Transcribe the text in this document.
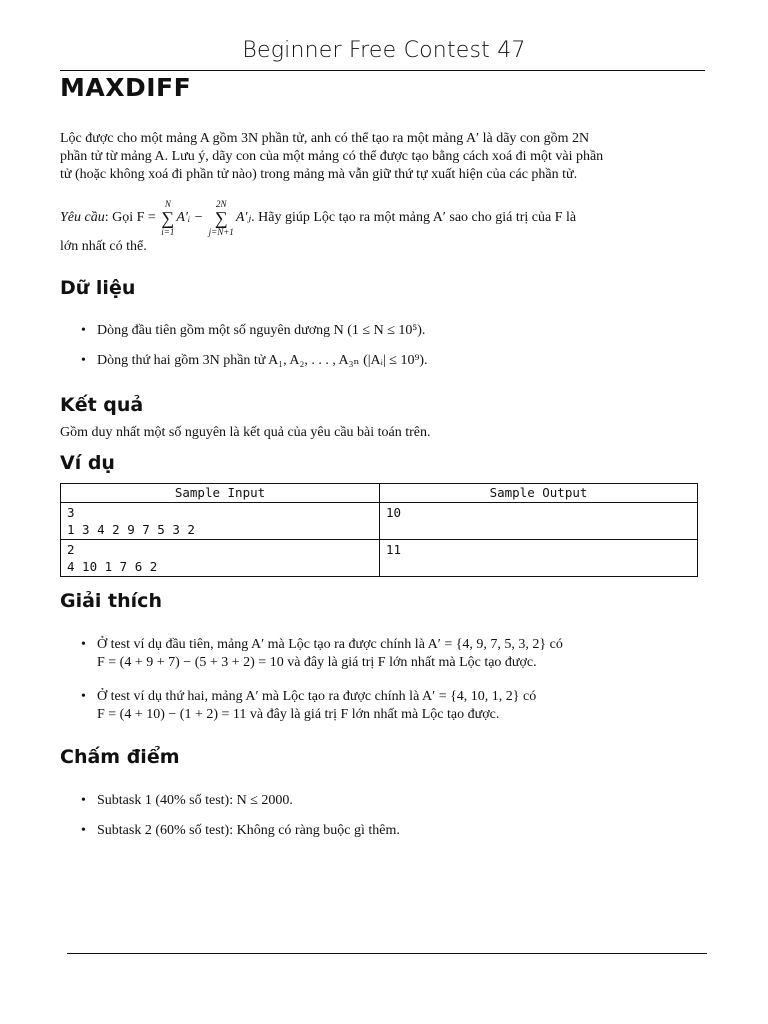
Beginner Free Contest 47
MAXDIFF
Lộc được cho một mảng A gồm 3N phần tử, anh có thể tạo ra một mảng A′ là dãy con gồm 2N
phần tử từ mảng A. Lưu ý, dãy con của một mảng có thể được tạo bằng cách xoá đi một vài phần
tử (hoặc không xoá đi phần tử nào) trong mảng mà vẫn giữ thứ tự xuất hiện của các phần tử.
Yêu cầu: Gọi F =
N
∑
i=1
A′ᵢ −
2N
∑
j=N+1
A′ⱼ. Hãy giúp Lộc tạo ra một mảng A′ sao cho giá trị của F là
lớn nhất có thể.
Dữ liệu
• Dòng đầu tiên gồm một số nguyên dương N (1 ≤ N ≤ 10⁵).
• Dòng thứ hai gồm 3N phần tử A₁, A₂, . . . , A₃ₙ (|Aᵢ| ≤ 10⁹).
Kết quả
Gồm duy nhất một số nguyên là kết quả của yêu cầu bài toán trên.
Ví dụ
Sample Input	Sample Output
3
1 3 4 2 9 7 5 3 2	10
2
4 10 1 7 6 2	11
Giải thích
• Ở test ví dụ đầu tiên, mảng A′ mà Lộc tạo ra được chính là A′ = {4, 9, 7, 5, 3, 2} có
F = (4 + 9 + 7) − (5 + 3 + 2) = 10 và đây là giá trị F lớn nhất mà Lộc tạo được.
• Ở test ví dụ thứ hai, mảng A′ mà Lộc tạo ra được chính là A′ = {4, 10, 1, 2} có
F = (4 + 10) − (1 + 2) = 11 và đây là giá trị F lớn nhất mà Lộc tạo được.
Chấm điểm
• Subtask 1 (40% số test): N ≤ 2000.
• Subtask 2 (60% số test): Không có ràng buộc gì thêm.
